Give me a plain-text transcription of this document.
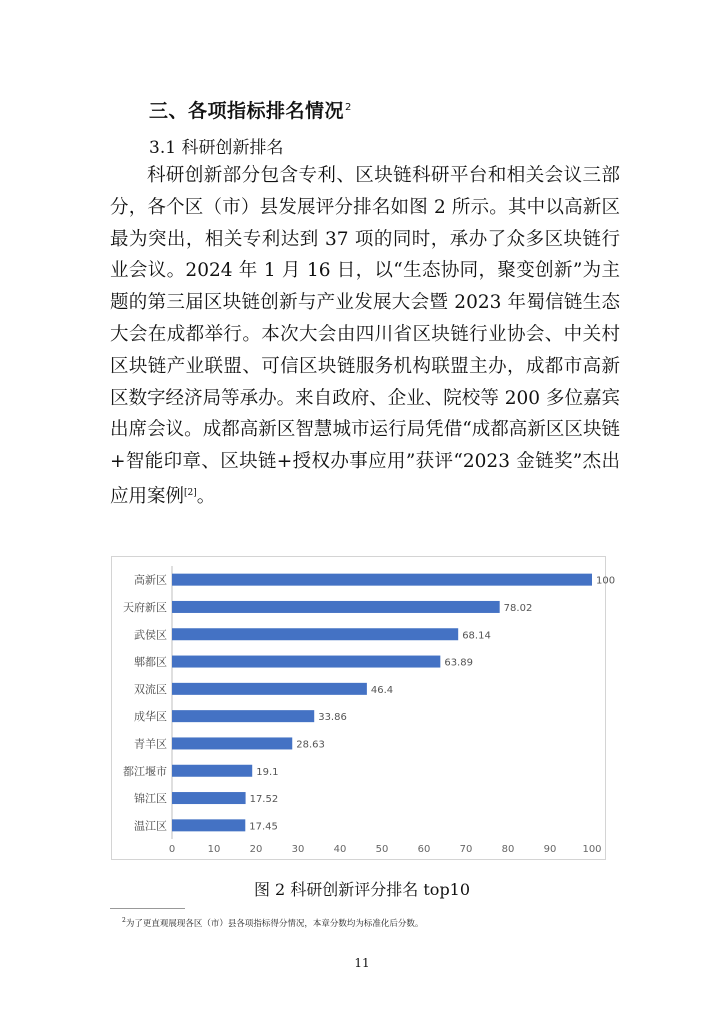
三、各项指标排名情况$^2$
3.1 科研创新排名

科研创新部分包含专利、区块链科研平台和相关会议三部分，各个区（市）县发展评分排名如图 2 所示。其中以高新区最为突出，相关专利达到 37 项的同时，承办了众多区块链行业会议。2024 年 1 月 16 日，以“生态协同，聚变创新”为主题的第三届区块链创新与产业发展大会暨 2023 年蜀信链生态大会在成都举行。本次大会由四川省区块链行业协会、中关村区块链产业联盟、可信区块链服务机构联盟主办，成都市高新区数字经济局等承办。来自政府、企业、院校等 200 多位嘉宾出席会议。成都高新区智慧城市运行局凭借“成都高新区区块链+智能印章、区块链+授权办事应用”获评“2023 金链奖”杰出应用案例[2]。

高新区	100
天府新区	78.02
武侯区	68.14
郫都区	63.89
双流区	46.4
成华区	33.86
青羊区	28.63
都江堰市	19.1
锦江区	17.52
温江区	17.45
0	10	20	30	40	50	60	70	80	90	100
图 2 科研创新评分排名 top10
$^2$为了更直观展现各区（市）县各项指标得分情况，本章分数均为标准化后分数。
11
